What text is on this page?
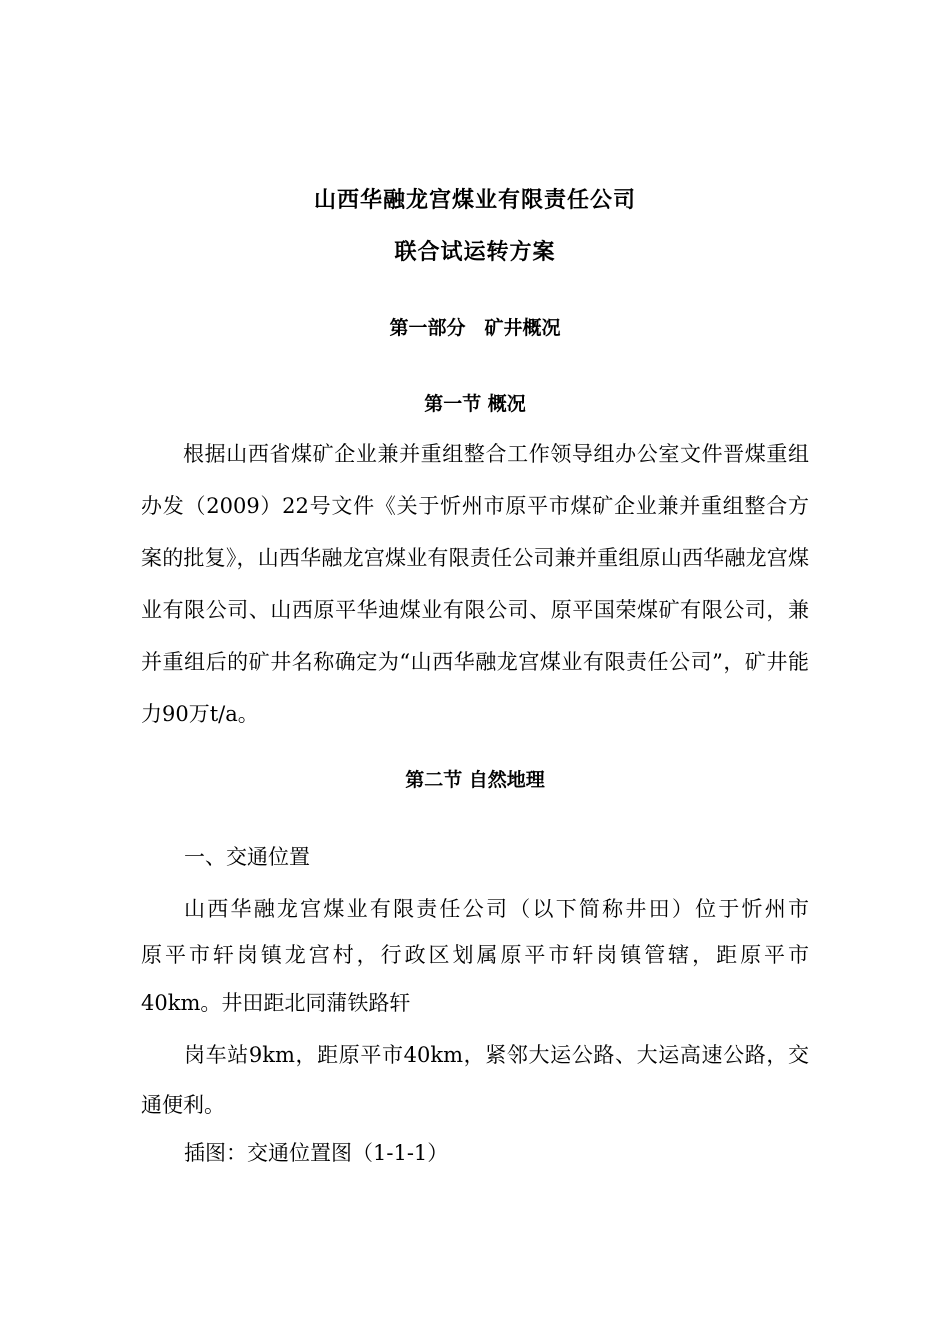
山西华融龙宫煤业有限责任公司
联合试运转方案
第一部分　矿井概况
第一节 概况
根据山西省煤矿企业兼并重组整合工作领导组办公室文件晋煤重组办发（2009）22号文件《关于忻州市原平市煤矿企业兼并重组整合方案的批复》，山西华融龙宫煤业有限责任公司兼并重组原山西华融龙宫煤业有限公司、山西原平华迪煤业有限公司、原平国荣煤矿有限公司，兼并重组后的矿井名称确定为“山西华融龙宫煤业有限责任公司”，矿井能力90万t/a。
第二节 自然地理
一、交通位置
山西华融龙宫煤业有限责任公司（以下简称井田）位于忻州市
原平市轩岗镇龙宫村，行政区划属原平市轩岗镇管辖，距原平市
40km。井田距北同蒲铁路轩
岗车站9km，距原平市40km，紧邻大运公路、大运高速公路，交
通便利。
插图：交通位置图（1-1-1）
